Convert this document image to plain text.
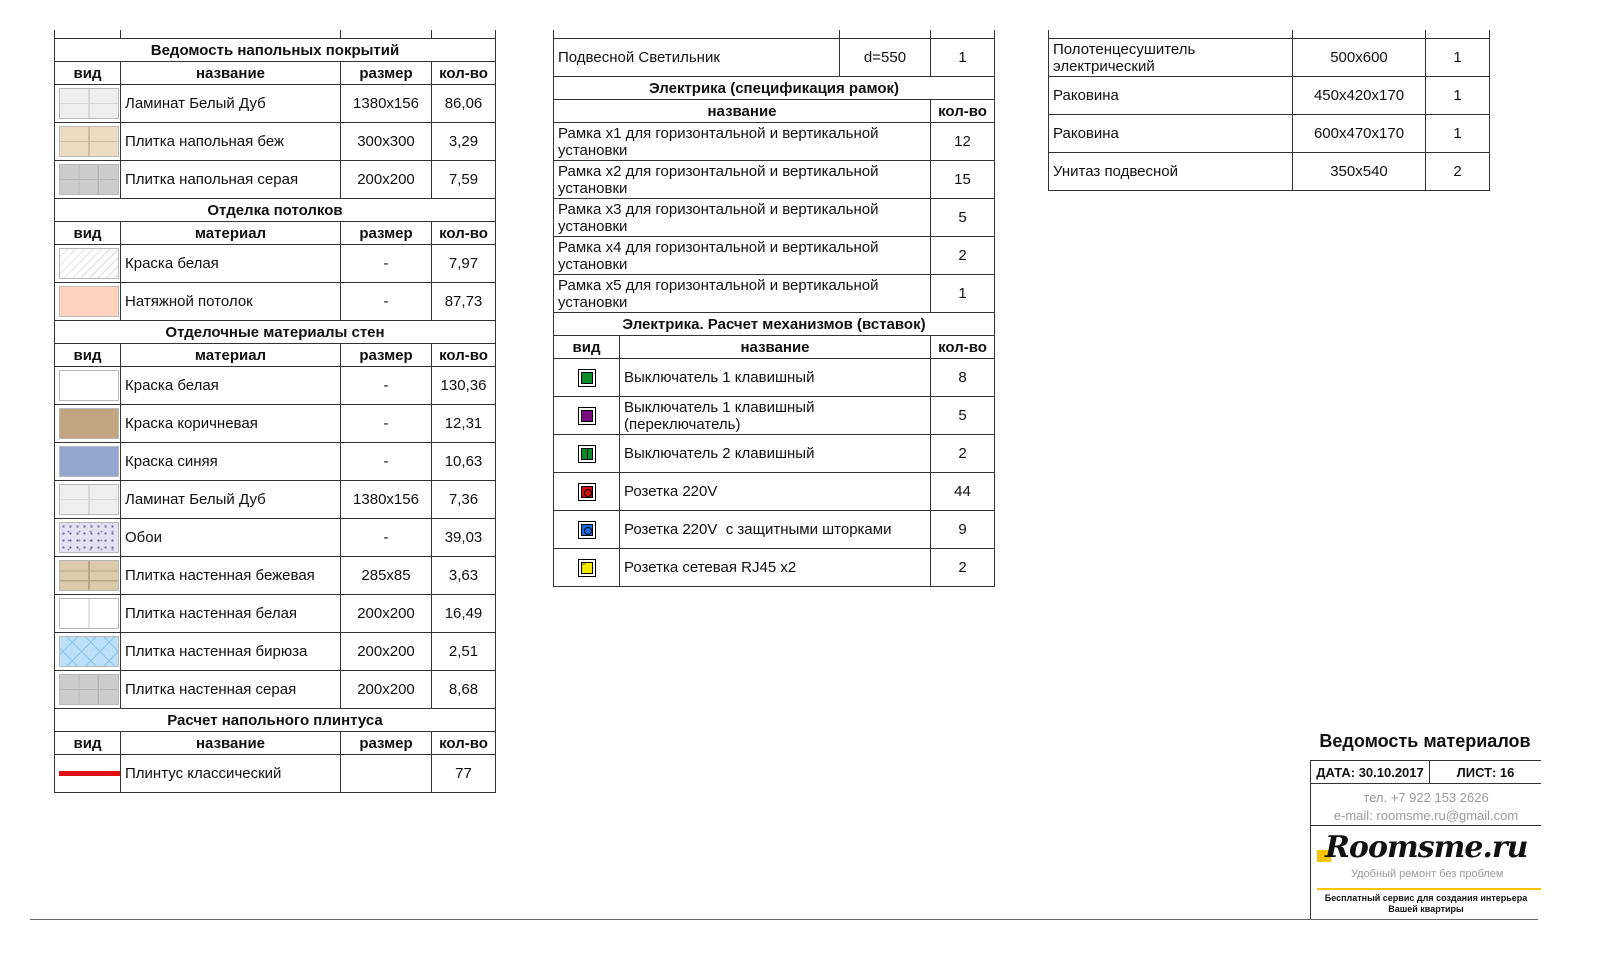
Ведомость напольных покрытий			
вид	название	размер	кол-во

	Ламинат Белый Дуб	1380x156	86,06

	Плитка напольная беж	300x300	3,29

	Плитка напольная серая	200x200	7,59
Отделка потолков			
вид	материал	размер	кол-во

	Краска белая	-	7,97

	Натяжной потолок	-	87,73
Отделочные материалы стен			
вид	материал	размер	кол-во

	Краска белая	-	130,36

	Краска коричневая	-	12,31

	Краска синяя	-	10,63

	Ламинат Белый Дуб	1380x156	7,36

	Обои	-	39,03

	Плитка настенная бежевая	285x85	3,63

	Плитка настенная белая	200x200	16,49

	Плитка настенная бирюза	200x200	2,51

	Плитка настенная серая	200x200	8,68
Расчет напольного плинтуса			
вид	название	размер	кол-во

	Плинтус классический		77

Подвесной Светильник		d=550	1
Электрика (спецификация рамок)			
название			кол-во
Рамка x1 для горизонтальной и вертикальной
установки			12
Рамка x2 для горизонтальной и вертикальной
установки			15
Рамка x3 для горизонтальной и вертикальной
установки			5
Рамка x4 для горизонтальной и вертикальной
установки			2
Рамка x5 для горизонтальной и вертикальной
установки			1
Электрика. Расчет механизмов (вставок)			
вид	название		кол-во

	Выключатель 1 клавишный		8

	Выключатель 1 клавишный
(переключатель)		5

	Выключатель 2 клавишный		2

	Розетка 220V		44

	Розетка 220V  с защитными шторками		9

▫▫
	Розетка сетевая RJ45 x2		2

Полотенцесушитель
электрический	500x600	1
Раковина	450x420x170	1
Раковина	600x470x170	1
Унитаз подвесной	350x540	2
Ведомость материалов
ДАТА: 30.10.2017	ЛИСТ: 16
тел. +7 922 153 2626
e-mail: roomsme.ru@gmail.com
Roomsme.ru
Удобный ремонт без проблем
Бесплатный сервис для создания интерьера
Вашей квартиры
